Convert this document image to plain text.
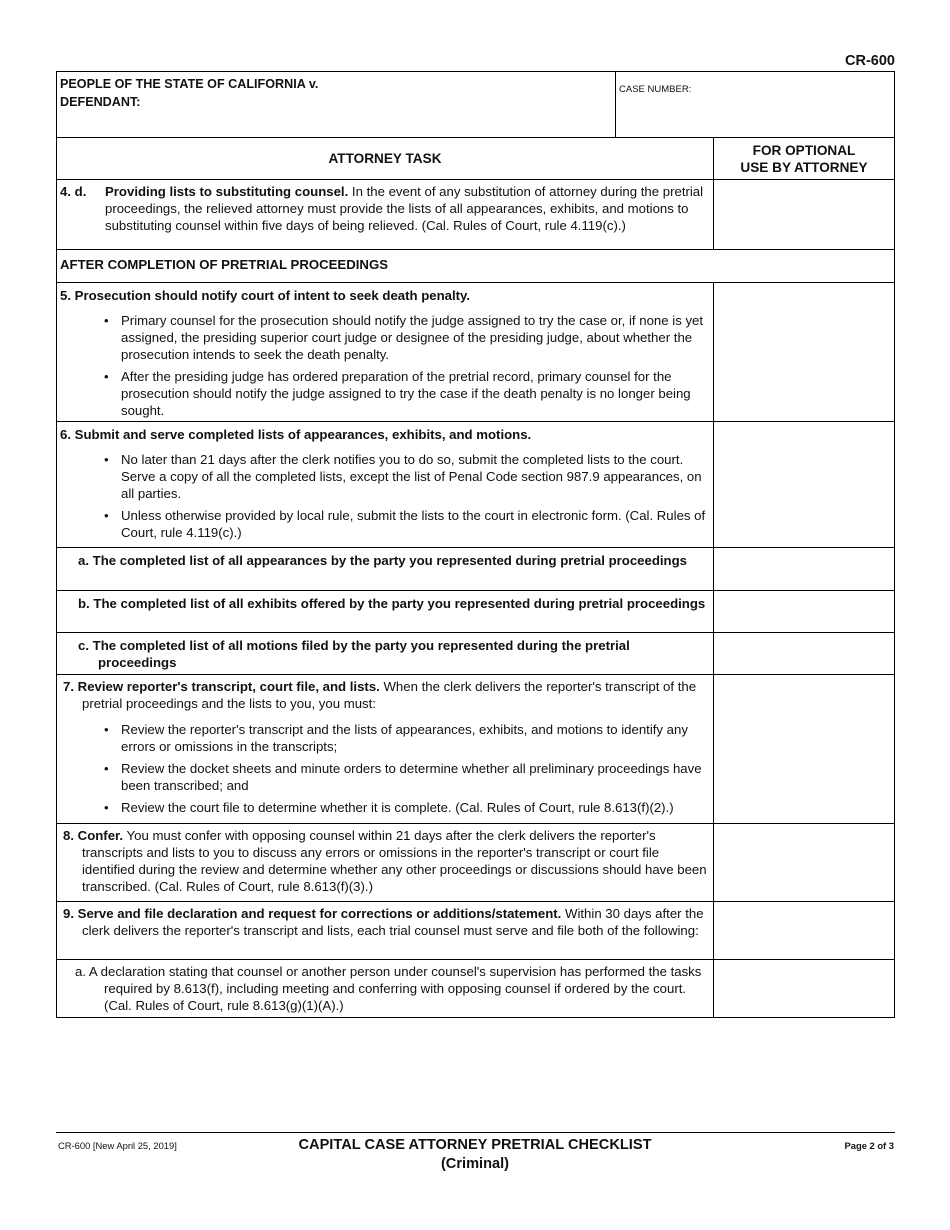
CR-600
PEOPLE OF THE STATE OF CALIFORNIA v.
DEFENDANT:
CASE NUMBER:
ATTORNEY TASK
FOR OPTIONAL
USE BY ATTORNEY
4. d.	Providing lists to substituting counsel. In the event of any substitution of attorney during the pretrial proceedings, the relieved attorney must provide the lists of all appearances, exhibits, and motions to substituting counsel within five days of being relieved. (Cal. Rules of Court, rule 4.119(c).)
AFTER COMPLETION OF PRETRIAL PROCEEDINGS
5. Prosecution should notify court of intent to seek death penalty.
• Primary counsel for the prosecution should notify the judge assigned to try the case or, if none is yet assigned, the presiding superior court judge or designee of the presiding judge, about whether the prosecution intends to seek the death penalty.
• After the presiding judge has ordered preparation of the pretrial record, primary counsel for the prosecution should notify the judge assigned to try the case if the death penalty is no longer being sought.
6. Submit and serve completed lists of appearances, exhibits, and motions.
• No later than 21 days after the clerk notifies you to do so, submit the completed lists to the court. Serve a copy of all the completed lists, except the list of Penal Code section 987.9 appearances, on all parties.
• Unless otherwise provided by local rule, submit the lists to the court in electronic form. (Cal. Rules of Court, rule 4.119(c).)
a. The completed list of all appearances by the party you represented during pretrial proceedings
b. The completed list of all exhibits offered by the party you represented during pretrial proceedings
c. The completed list of all motions filed by the party you represented during the pretrial proceedings
7. Review reporter's transcript, court file, and lists. When the clerk delivers the reporter's transcript of the pretrial proceedings and the lists to you, you must:
• Review the reporter's transcript and the lists of appearances, exhibits, and motions to identify any errors or omissions in the transcripts;
• Review the docket sheets and minute orders to determine whether all preliminary proceedings have been transcribed; and
• Review the court file to determine whether it is complete. (Cal. Rules of Court, rule 8.613(f)(2).)
8. Confer. You must confer with opposing counsel within 21 days after the clerk delivers the reporter's transcripts and lists to you to discuss any errors or omissions in the reporter's transcript or court file identified during the review and determine whether any other proceedings or discussions should have been transcribed. (Cal. Rules of Court, rule 8.613(f)(3).)
9. Serve and file declaration and request for corrections or additions/statement. Within 30 days after the clerk delivers the reporter's transcript and lists, each trial counsel must serve and file both of the following:
a. A declaration stating that counsel or another person under counsel's supervision has performed the tasks required by 8.613(f), including meeting and conferring with opposing counsel if ordered by the court. (Cal. Rules of Court, rule 8.613(g)(1)(A).)
CR-600 [New April 25, 2019]	CAPITAL CASE ATTORNEY PRETRIAL CHECKLIST
(Criminal)
Page 2 of 3
